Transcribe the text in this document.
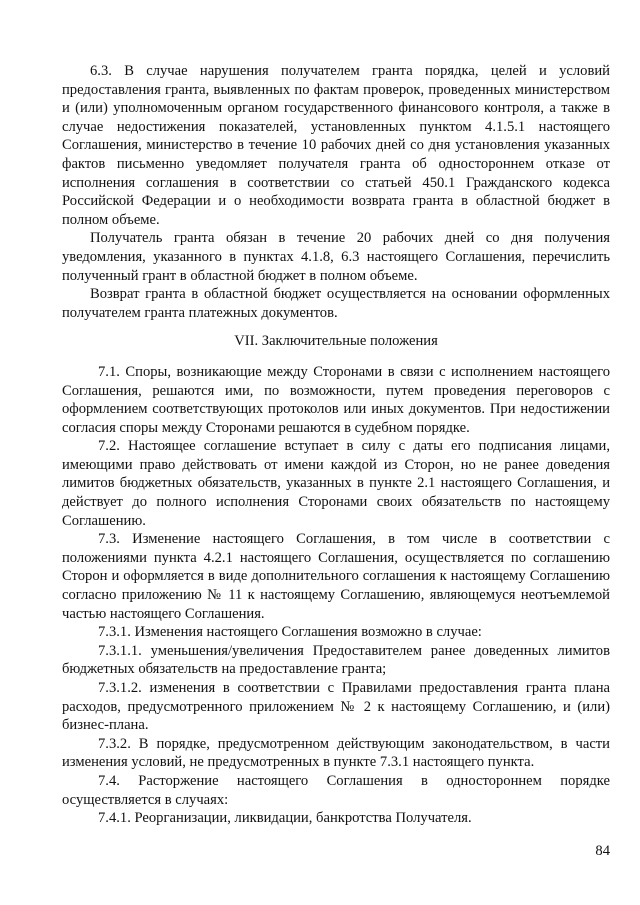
6.3. В случае нарушения получателем гранта порядка, целей и условий предоставления гранта, выявленных по фактам проверок, проведенных министерством и (или) уполномоченным органом государственного финансового контроля, а также в случае недостижения показателей, установленных пунктом 4.1.5.1 настоящего Соглашения, министерство в течение 10 рабочих дней со дня установления указанных фактов письменно уведомляет получателя гранта об одностороннем отказе от исполнения соглашения в соответствии со статьей 450.1 Гражданского кодекса Российской Федерации и о необходимости возврата гранта в областной бюджет в полном объеме.

Получатель гранта обязан в течение 20 рабочих дней со дня получения уведомления, указанного в пунктах 4.1.8, 6.3 настоящего Соглашения, перечислить полученный грант в областной бюджет в полном объеме.

Возврат гранта в областной бюджет осуществляется на основании оформленных получателем гранта платежных документов.

VII. Заключительные положения

7.1. Споры, возникающие между Сторонами в связи с исполнением настоящего Соглашения, решаются ими, по возможности, путем проведения переговоров с оформлением соответствующих протоколов или иных документов. При недостижении согласия споры между Сторонами решаются в судебном порядке.

7.2. Настоящее соглашение вступает в силу с даты его подписания лицами, имеющими право действовать от имени каждой из Сторон, но не ранее доведения лимитов бюджетных обязательств, указанных в пункте 2.1 настоящего Соглашения, и действует до полного исполнения Сторонами своих обязательств по настоящему Соглашению.

7.3. Изменение настоящего Соглашения, в том числе в соответствии с положениями пункта 4.2.1 настоящего Соглашения, осуществляется по соглашению Сторон и оформляется в виде дополнительного соглашения к настоящему Соглашению согласно приложению № 11 к настоящему Соглашению, являющемуся неотъемлемой частью настоящего Соглашения.

7.3.1. Изменения настоящего Соглашения возможно в случае:

7.3.1.1. уменьшения/увеличения Предоставителем ранее доведенных лимитов бюджетных обязательств на предоставление гранта;

7.3.1.2. изменения в соответствии с Правилами предоставления гранта плана расходов, предусмотренного приложением № 2 к настоящему Соглашению, и (или) бизнес-плана.

7.3.2. В порядке, предусмотренном действующим законодательством, в части изменения условий, не предусмотренных в пункте 7.3.1 настоящего пункта.

7.4. Расторжение настоящего Соглашения в одностороннем порядке осуществляется в случаях:

7.4.1. Реорганизации, ликвидации, банкротства Получателя.

84
